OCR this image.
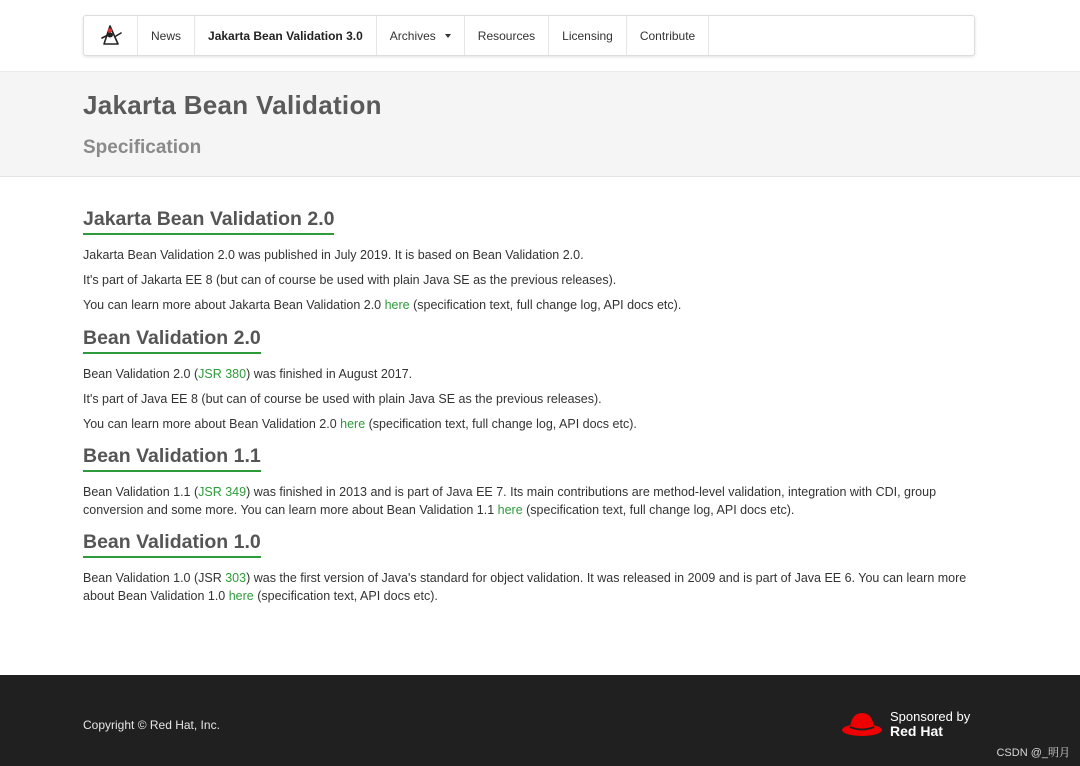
News Jakarta Bean Validation 3.0 Archives	Resources Licensing Contribute
Jakarta Bean Validation
Specification
Jakarta Bean Validation 2.0

Jakarta Bean Validation 2.0 was published in July 2019. It is based on Bean Validation 2.0.

It's part of Jakarta EE 8 (but can of course be used with plain Java SE as the previous releases).

You can learn more about Jakarta Bean Validation 2.0 here (specification text, full change log, API docs etc).

Bean Validation 2.0

Bean Validation 2.0 (JSR 380) was finished in August 2017.

It's part of Java EE 8 (but can of course be used with plain Java SE as the previous releases).

You can learn more about Bean Validation 2.0 here (specification text, full change log, API docs etc).

Bean Validation 1.1

Bean Validation 1.1 (JSR 349) was finished in 2013 and is part of Java EE 7. Its main contributions are method-level validation, integration with CDI, group conversion and some more. You can learn more about Bean Validation 1.1 here (specification text, full change log, API docs etc).

Bean Validation 1.0

Bean Validation 1.0 (JSR 303) was the first version of Java's standard for object validation. It was released in 2009 and is part of Java EE 6. You can learn more about Bean Validation 1.0 here (specification text, API docs etc).

Copyright © Red Hat, Inc.
Sponsored by
Red Hat
CSDN @_明月
